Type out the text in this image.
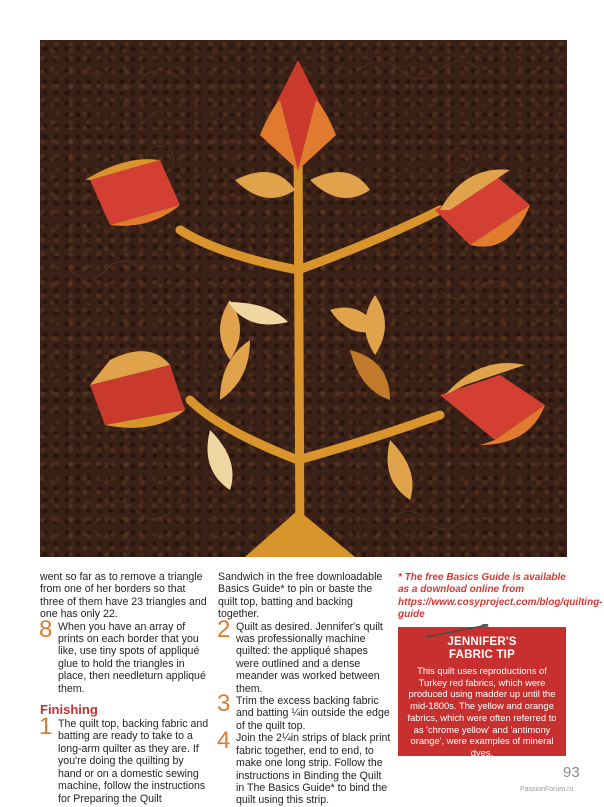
went so far as to remove a triangle from one of her borders so that three of them have 23 triangles and one has only 22.

8 When you have an array of prints on each border that you like, use tiny spots of appliqué glue to hold the triangles in place, then needleturn appliqué them.
Finishing
1 The quilt top, backing fabric and batting are ready to take to a long-arm quilter as they are. If you're doing the quilting by hand or on a domestic sewing machine, follow the instructions for Preparing the Quilt

Sandwich in the free downloadable Basics Guide* to pin or baste the quilt top, batting and backing together.

2 Quilt as desired. Jennifer's quilt was professionally machine quilted: the appliqué shapes were outlined and a dense meander was worked between them.
3 Trim the excess backing fabric and batting ¼in outside the edge of the quilt top.
4 Join the 2¼in strips of black print fabric together, end to end, to make one long strip. Follow the instructions in Binding the Quilt in The Basics Guide* to bind the quilt using this strip.
* The free Basics Guide is available as a download online from https://www.cosyproject.com/blog/quilting-guide
JENNIFER'S
FABRIC TIP
This quilt uses reproductions of Turkey red fabrics, which were produced using madder up until the mid-1800s. The yellow and orange fabrics, which were often referred to as 'chrome yellow' and 'antimony orange', were examples of mineral dyes.
93
PassionForum.ru
